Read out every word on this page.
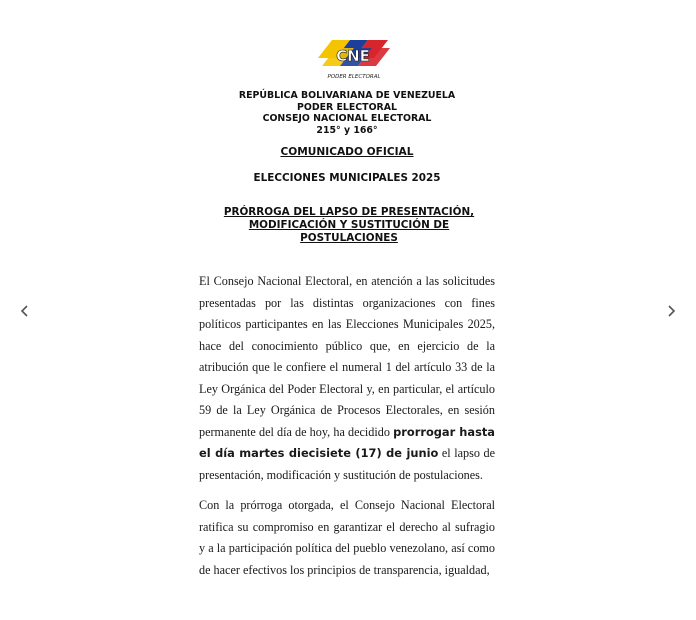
CNE
PODER ELECTORAL
REPÚBLICA BOLIVARIANA DE VENEZUELA
PODER ELECTORAL
CONSEJO NACIONAL ELECTORAL
215° y 166°
COMUNICADO OFICIAL
ELECCIONES MUNICIPALES 2025
PRÓRROGA DEL LAPSO DE PRESENTACIÓN, MODIFICACIÓN Y SUSTITUCIÓN DE POSTULACIONES
El Consejo Nacional Electoral, en atención a las solicitudes presentadas por las distintas organizaciones con fines políticos participantes en las Elecciones Municipales 2025, hace del conocimiento público que, en ejercicio de la atribución que le confiere el numeral 1 del artículo 33 de la Ley Orgánica del Poder Electoral y, en particular, el artículo 59 de la Ley Orgánica de Procesos Electorales, en sesión permanente del día de hoy, ha decidido prorrogar hasta el día martes diecisiete (17) de junio el lapso de presentación, modificación y sustitución de postulaciones.
Con la prórroga otorgada, el Consejo Nacional Electoral ratifica su compromiso en garantizar el derecho al sufragio y a la participación política del pueblo venezolano, así como de hacer efectivos los principios de transparencia, igualdad,
